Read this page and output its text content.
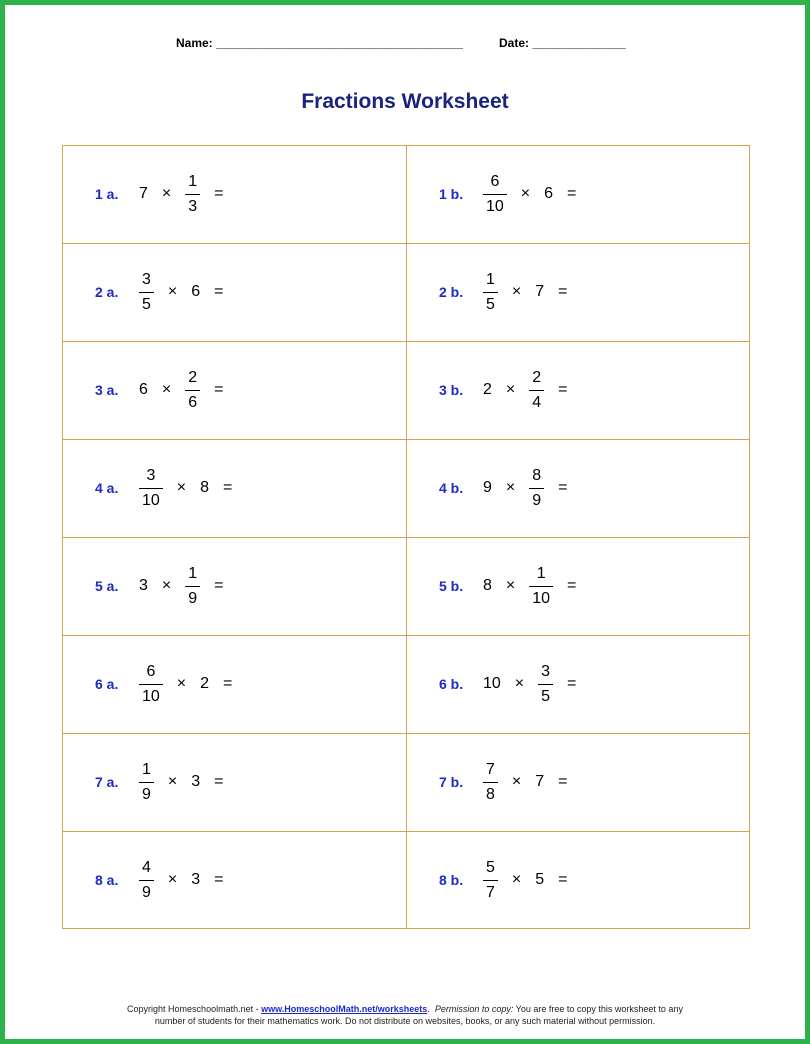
Name: _____________________________________	Date: ______________
Fractions Worksheet
1 a.	$7 \times \frac{1}{3}$ =	1 b.	$\frac{6}{10} \times 6$ =
2 a.	$\frac{3}{5} \times 6$ =	2 b.	$\frac{1}{5} \times 7$ =
3 a.	$6 \times \frac{2}{6}$ =	3 b.	$2 \times \frac{2}{4}$ =
4 a.	$\frac{3}{10} \times 8$ =	4 b.	$9 \times \frac{8}{9}$ =
5 a.	$3 \times \frac{1}{9}$ =	5 b.	$8 \times \frac{1}{10}$ =
6 a.	$\frac{6}{10} \times 2$ =	6 b.	$10 \times \frac{3}{5}$ =
7 a.	$\frac{1}{9} \times 3$ =	7 b.	$\frac{7}{8} \times 7$ =
8 a.	$\frac{4}{9} \times 3$ =	8 b.	$\frac{5}{7} \times 5$ =
Copyright Homeschoolmath.net - www.HomeschoolMath.net/worksheets.  Permission to copy: You are free to copy this worksheet to any
number of students for their mathematics work. Do not distribute on websites, books, or any such material without permission.
